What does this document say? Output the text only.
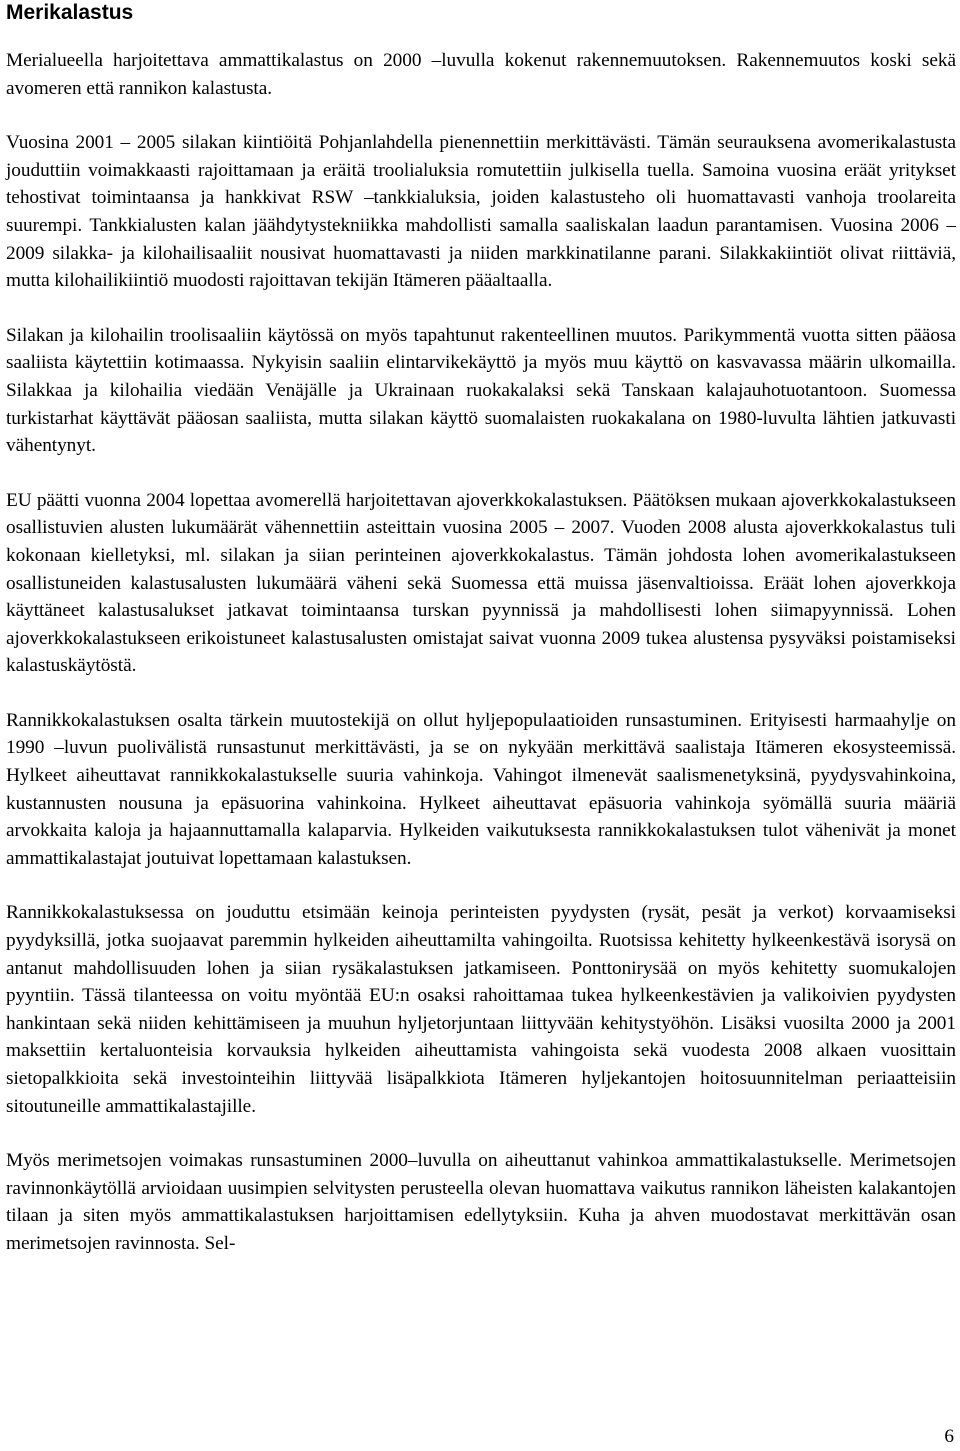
Merikalastus

Merialueella harjoitettava ammattikalastus on 2000 –luvulla kokenut rakennemuutoksen. Rakennemuutos koski sekä avomeren että rannikon kalastusta.

Vuosina 2001 – 2005 silakan kiintiöitä Pohjanlahdella pienennettiin merkittävästi. Tämän seurauksena avomerikalastusta jouduttiin voimakkaasti rajoittamaan ja eräitä troolialuksia romutettiin julkisella tuella. Samoina vuosina eräät yritykset tehostivat toimintaansa ja hankkivat RSW –tankkialuksia, joiden kalastusteho oli huomattavasti vanhoja troolareita suurempi. Tankkialusten kalan jäähdytystekniikka mahdollisti samalla saaliskalan laadun parantamisen. Vuosina 2006 – 2009 silakka- ja kilohailisaaliit nousivat huomattavasti ja niiden markkinatilanne parani. Silakkakiintiöt olivat riittäviä, mutta kilohailikiintiö muodosti rajoittavan tekijän Itämeren pääaltaalla.

Silakan ja kilohailin troolisaaliin käytössä on myös tapahtunut rakenteellinen muutos. Parikymmentä vuotta sitten pääosa saaliista käytettiin kotimaassa. Nykyisin saaliin elintarvikekäyttö ja myös muu käyttö on kasvavassa määrin ulkomailla. Silakkaa ja kilohailia viedään Venäjälle ja Ukrainaan ruokakalaksi sekä Tanskaan kalajauhotuotantoon. Suomessa turkistarhat käyttävät pääosan saaliista, mutta silakan käyttö suomalaisten ruokakalana on 1980-luvulta lähtien jatkuvasti vähentynyt.

EU päätti vuonna 2004 lopettaa avomerellä harjoitettavan ajoverkkokalastuksen. Päätöksen mukaan ajoverkkokalastukseen osallistuvien alusten lukumäärät vähennettiin asteittain vuosina 2005 – 2007. Vuoden 2008 alusta ajoverkkokalastus tuli kokonaan kielletyksi, ml. silakan ja siian perinteinen ajoverkkokalastus. Tämän johdosta lohen avomerikalastukseen osallistuneiden kalastusalusten lukumäärä väheni sekä Suomessa että muissa jäsenvaltioissa. Eräät lohen ajoverkkoja käyttäneet kalastusalukset jatkavat toimintaansa turskan pyynnissä ja mahdollisesti lohen siimapyynnissä. Lohen ajoverkkokalastukseen erikoistuneet kalastusalusten omistajat saivat vuonna 2009 tukea alustensa pysyväksi poistamiseksi kalastuskäytöstä.

Rannikkokalastuksen osalta tärkein muutostekijä on ollut hyljepopulaatioiden runsastuminen. Erityisesti harmaahylje on 1990 –luvun puolivälistä runsastunut merkittävästi, ja se on nykyään merkittävä saalistaja Itämeren ekosysteemissä. Hylkeet aiheuttavat rannikkokalastukselle suuria vahinkoja. Vahingot ilmenevät saalismenetyksinä, pyydysvahinkoina, kustannusten nousuna ja epäsuorina vahinkoina. Hylkeet aiheuttavat epäsuoria vahinkoja syömällä suuria määriä arvokkaita kaloja ja hajaannuttamalla kalaparvia. Hylkeiden vaikutuksesta rannikkokalastuksen tulot vähenivät ja monet ammattikalastajat joutuivat lopettamaan kalastuksen.

Rannikkokalastuksessa on jouduttu etsimään keinoja perinteisten pyydysten (rysät, pesät ja verkot) korvaamiseksi pyydyksillä, jotka suojaavat paremmin hylkeiden aiheuttamilta vahingoilta. Ruotsissa kehitetty hylkeenkestävä isorysä on antanut mahdollisuuden lohen ja siian rysäkalastuksen jatkamiseen. Ponttonirysää on myös kehitetty suomukalojen pyyntiin. Tässä tilanteessa on voitu myöntää EU:n osaksi rahoittamaa tukea hylkeenkestävien ja valikoivien pyydysten hankintaan sekä niiden kehittämiseen ja muuhun hyljetorjuntaan liittyvään kehitystyöhön. Lisäksi vuosilta 2000 ja 2001 maksettiin kertaluonteisia korvauksia hylkeiden aiheuttamista vahingoista sekä vuodesta 2008 alkaen vuosittain sietopalkkioita sekä investointeihin liittyvää lisäpalkkiota Itämeren hyljekantojen hoitosuunnitelman periaatteisiin sitoutuneille ammattikalastajille.

Myös merimetsojen voimakas runsastuminen 2000–luvulla on aiheuttanut vahinkoa ammattikalastukselle. Merimetsojen ravinnonkäytöllä arvioidaan uusimpien selvitysten perusteella olevan huomattava vaikutus rannikon läheisten kalakantojen tilaan ja siten myös ammattikalastuksen harjoittamisen edellytyksiin. Kuha ja ahven muodostavat merkittävän osan merimetsojen ravinnosta. Sel-

6
